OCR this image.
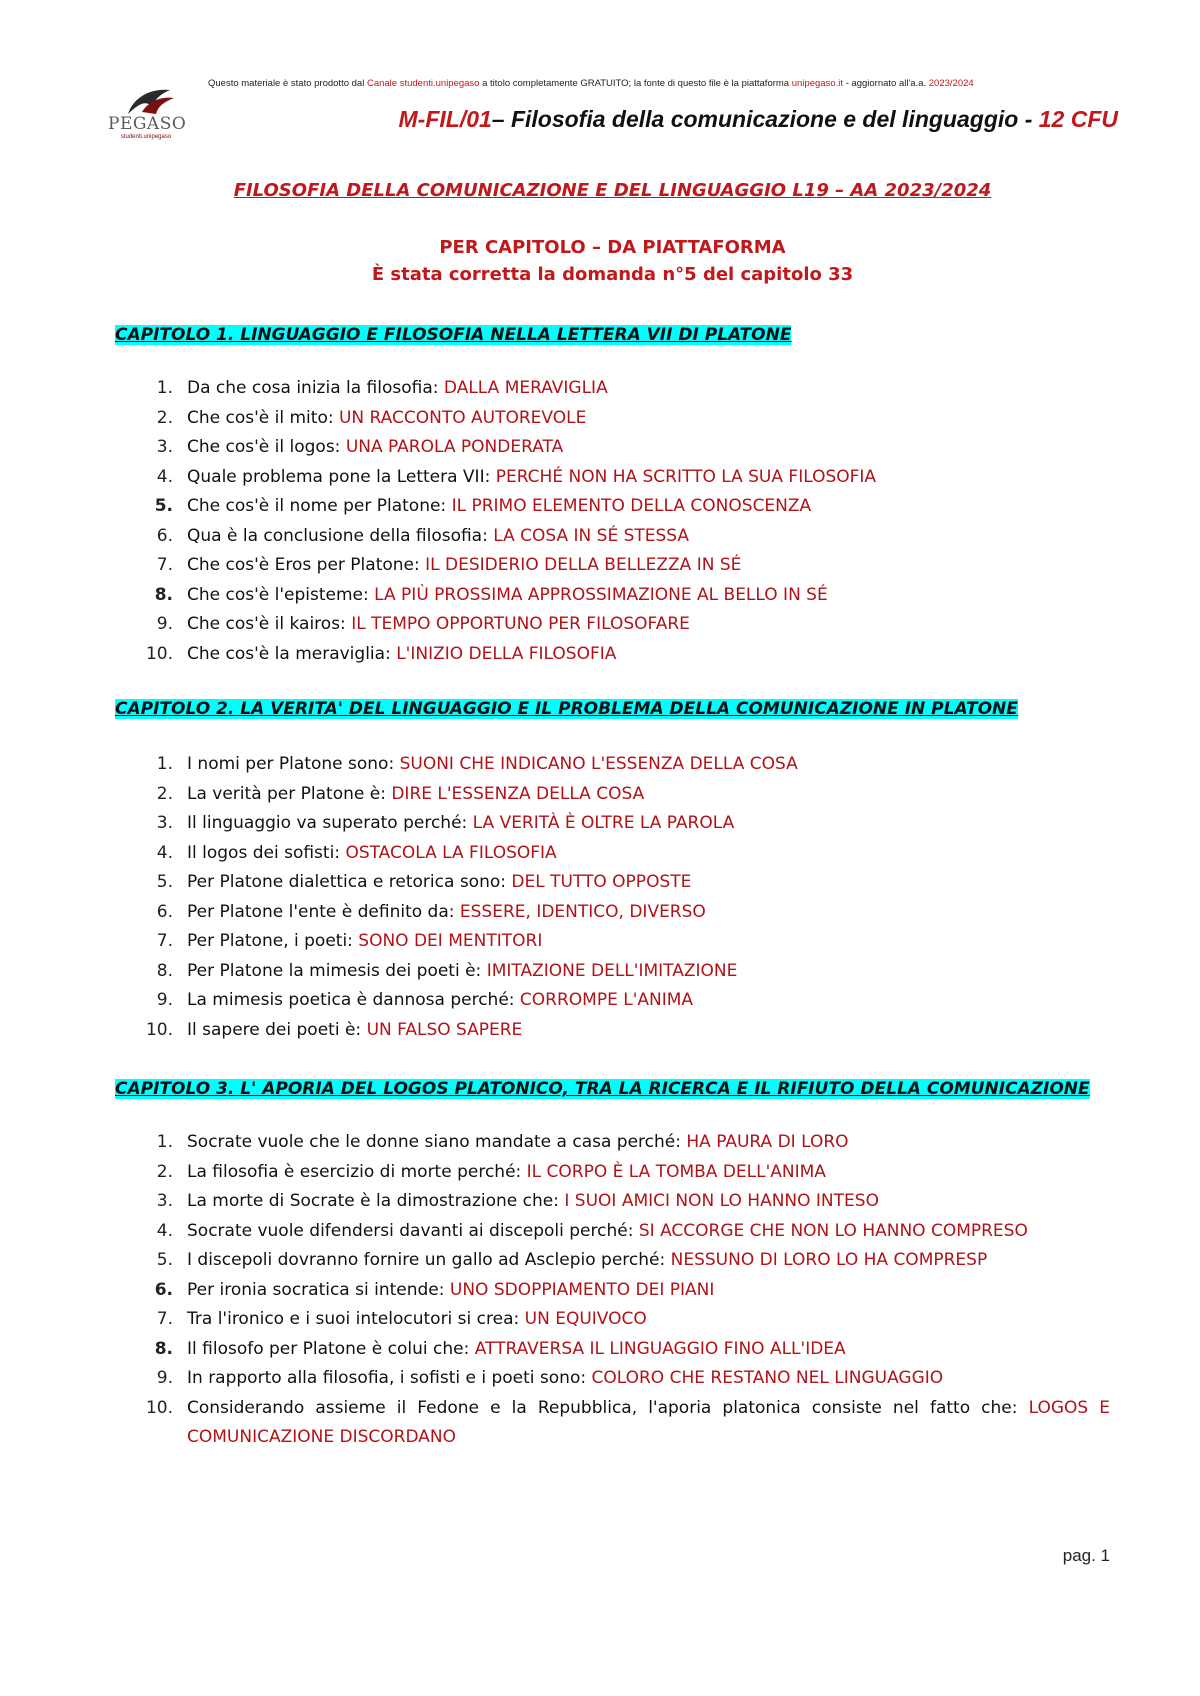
PEGASO
studenti.unipegaso
Questo materiale è stato prodotto dal Canale studenti.unipegaso a titolo completamente GRATUITO; la fonte di questo file è la piattaforma unipegaso.it - aggiornato all'a.a. 2023/2024
M-FIL/01– Filosofia della comunicazione e del linguaggio - 12 CFU

FILOSOFIA DELLA COMUNICAZIONE E DEL LINGUAGGIO L19 – AA 2023/2024

PER CAPITOLO – DA PIATTAFORMA
È stata corretta la domanda n°5 del capitolo 33
CAPITOLO 1. LINGUAGGIO E FILOSOFIA NELLA LETTERA VII DI PLATONE
1. Da che cosa inizia la filosofia: DALLA MERAVIGLIA
2. Che cos'è il mito: UN RACCONTO AUTOREVOLE
3. Che cos'è il logos: UNA PAROLA PONDERATA
4. Quale problema pone la Lettera VII: PERCHÉ NON HA SCRITTO LA SUA FILOSOFIA
5. Che cos'è il nome per Platone: IL PRIMO ELEMENTO DELLA CONOSCENZA
6. Qua è la conclusione della filosofia: LA COSA IN SÉ STESSA
7. Che cos'è Eros per Platone: IL DESIDERIO DELLA BELLEZZA IN SÉ
8. Che cos'è l'episteme: LA PIÙ PROSSIMA APPROSSIMAZIONE AL BELLO IN SÉ
9. Che cos'è il kairos: IL TEMPO OPPORTUNO PER FILOSOFARE
10. Che cos'è la meraviglia: L'INIZIO DELLA FILOSOFIA
CAPITOLO 2. LA VERITA' DEL LINGUAGGIO E IL PROBLEMA DELLA COMUNICAZIONE IN PLATONE
1. I nomi per Platone sono: SUONI CHE INDICANO L'ESSENZA DELLA COSA
2. La verità per Platone è: DIRE L'ESSENZA DELLA COSA
3. Il linguaggio va superato perché: LA VERITÀ È OLTRE LA PAROLA
4. Il logos dei sofisti: OSTACOLA LA FILOSOFIA
5. Per Platone dialettica e retorica sono: DEL TUTTO OPPOSTE
6. Per Platone l'ente è definito da: ESSERE, IDENTICO, DIVERSO
7. Per Platone, i poeti: SONO DEI MENTITORI
8. Per Platone la mimesis dei poeti è: IMITAZIONE DELL'IMITAZIONE
9. La mimesis poetica è dannosa perché: CORROMPE L'ANIMA
10. Il sapere dei poeti è: UN FALSO SAPERE
CAPITOLO 3. L' APORIA DEL LOGOS PLATONICO, TRA LA RICERCA E IL RIFIUTO DELLA COMUNICAZIONE
1. Socrate vuole che le donne siano mandate a casa perché: HA PAURA DI LORO
2. La filosofia è esercizio di morte perché: IL CORPO È LA TOMBA DELL'ANIMA
3. La morte di Socrate è la dimostrazione che: I SUOI AMICI NON LO HANNO INTESO
4. Socrate vuole difendersi davanti ai discepoli perché: SI ACCORGE CHE NON LO HANNO COMPRESO
5. I discepoli dovranno fornire un gallo ad Asclepio perché: NESSUNO DI LORO LO HA COMPRESP
6. Per ironia socratica si intende: UNO SDOPPIAMENTO DEI PIANI
7. Tra l'ironico e i suoi intelocutori si crea: UN EQUIVOCO
8. Il filosofo per Platone è colui che: ATTRAVERSA IL LINGUAGGIO FINO ALL'IDEA
9. In rapporto alla filosofia, i sofisti e i poeti sono: COLORO CHE RESTANO NEL LINGUAGGIO
10. Considerando assieme il Fedone e la Repubblica, l'aporia platonica consiste nel fatto che: LOGOS E COMUNICAZIONE DISCORDANO
pag. 1
